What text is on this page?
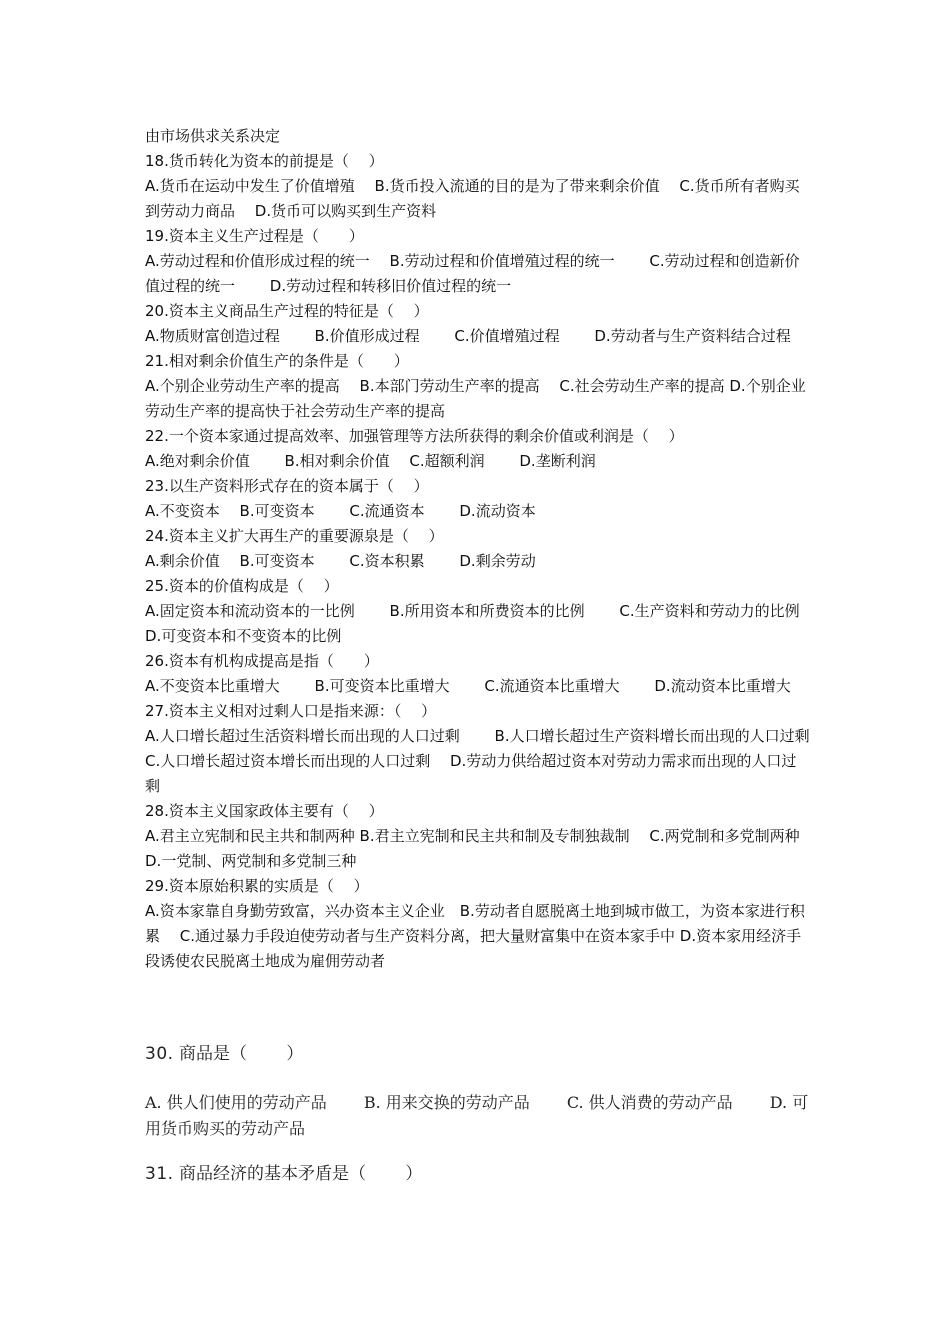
由市场供求关系决定

18.货币转化为资本的前提是（　 ）

A.货币在运动中发生了价值增殖　 B.货币投入流通的目的是为了带来剩余价值　 C.货币所有者购买到劳动力商品　 D.货币可以购买到生产资料

19.资本主义生产过程是（　　）

A.劳动过程和价值形成过程的统一　 B.劳动过程和价值增殖过程的统一　　 C.劳动过程和创造新价值过程的统一　　 D.劳动过程和转移旧价值过程的统一

20.资本主义商品生产过程的特征是（　 ）

A.物质财富创造过程　　 B.价值形成过程　　 C.价值增殖过程　　 D.劳动者与生产资料结合过程

21.相对剩余价值生产的条件是（　　）

A.个别企业劳动生产率的提高　 B.本部门劳动生产率的提高　 C.社会劳动生产率的提高 D.个别企业劳动生产率的提高快于社会劳动生产率的提高

22.一个资本家通过提高效率、加强管理等方法所获得的剩余价值或利润是（　 ）

A.绝对剩余价值　　 B.相对剩余价值　 C.超额利润　　 D.垄断利润

23.以生产资料形式存在的资本属于（　 ）

A.不变资本　 B.可变资本　　 C.流通资本　　 D.流动资本

24.资本主义扩大再生产的重要源泉是（　 ）

A.剩余价值　 B.可变资本　　 C.资本积累　　 D.剩余劳动

25.资本的价值构成是（　 ）

A.固定资本和流动资本的一比例　　 B.所用资本和所费资本的比例　　 C.生产资料和劳动力的比例　　 D.可变资本和不变资本的比例

26.资本有机构成提高是指（　　）

A.不变资本比重增大　　 B.可变资本比重增大　　 C.流通资本比重增大　　 D.流动资本比重增大

27.资本主义相对过剩人口是指来源：（　 ）

A.人口增长超过生活资料增长而出现的人口过剩　　 B.人口增长超过生产资料增长而出现的人口过剩　　 C.人口增长超过资本增长而出现的人口过剩　 D.劳动力供给超过资本对劳动力需求而出现的人口过剩

28.资本主义国家政体主要有（　 ）

A.君主立宪制和民主共和制两种 B.君主立宪制和民主共和制及专制独裁制　 C.两党制和多党制两种　 D.一党制、两党制和多党制三种

29.资本原始积累的实质是（　 ）

A.资本家靠自身勤劳致富，兴办资本主义企业　B.劳动者自愿脱离土地到城市做工，为资本家进行积累　 C.通过暴力手段迫使劳动者与生产资料分离，把大量财富集中在资本家手中 D.资本家用经济手段诱使农民脱离土地成为雇佣劳动者

30. 商品是（　　 ）
A. 供人们使用的劳动产品　　 B. 用来交换的劳动产品　　 C. 供人消费的劳动产品　　 D. 可用货币购买的劳动产品
31. 商品经济的基本矛盾是（　　 ）
